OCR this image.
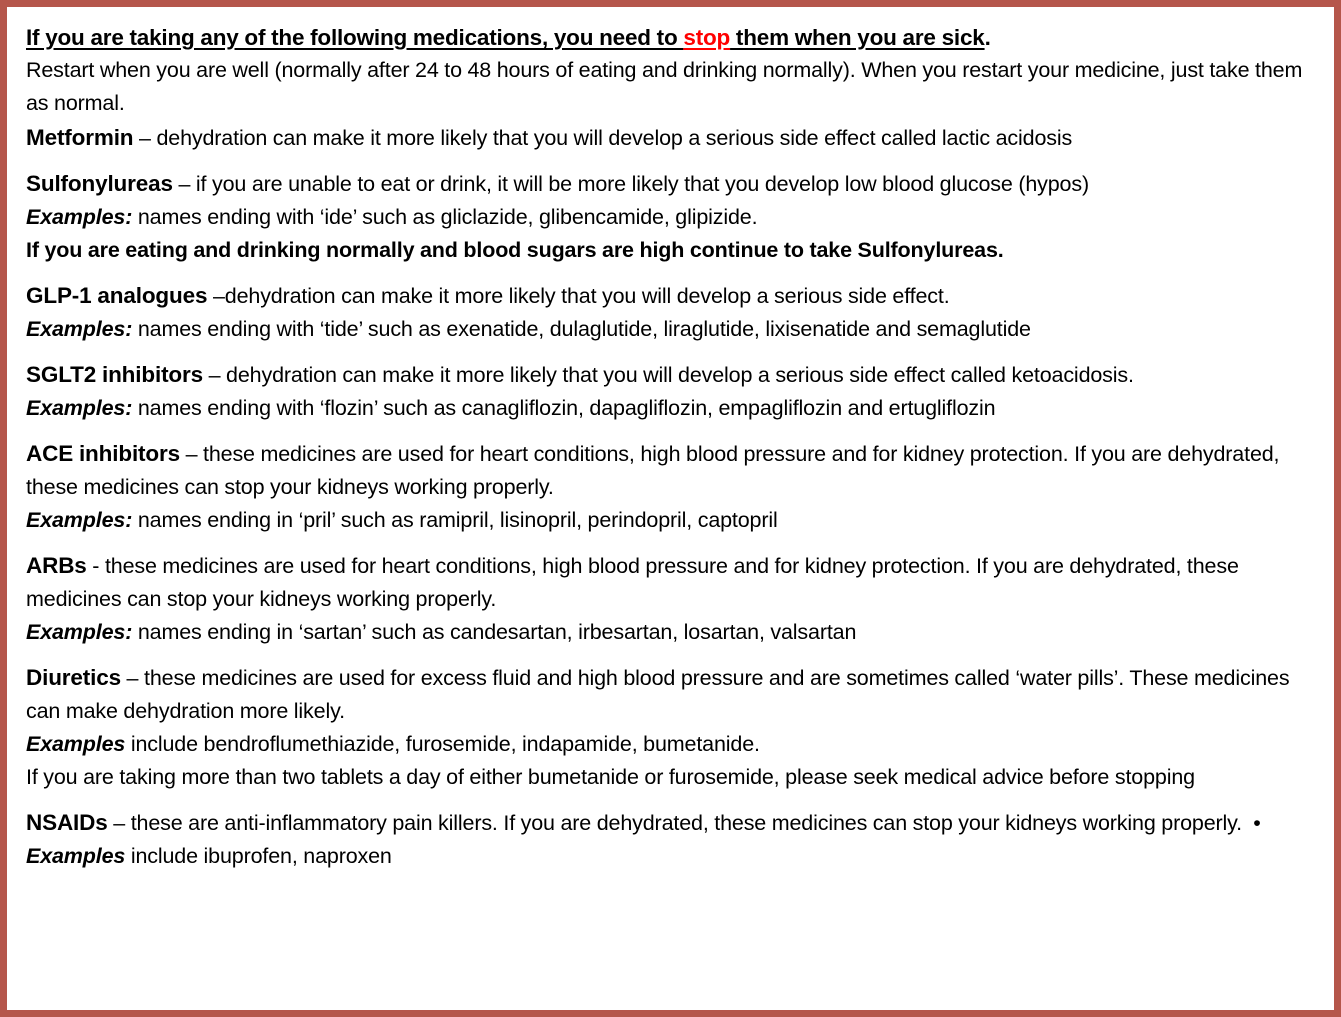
If you are taking any of the following medications, you need to stop them when you are sick.

Restart when you are well (normally after 24 to 48 hours of eating and drinking normally). When you restart your medicine, just take them as normal.

Metformin – dehydration can make it more likely that you will develop a serious side effect called lactic acidosis

Sulfonylureas – if you are unable to eat or drink, it will be more likely that you develop low blood glucose (hypos)

Examples: names ending with ‘ide’ such as gliclazide, glibencamide, glipizide.

If you are eating and drinking normally and blood sugars are high continue to take Sulfonylureas.

GLP-1 analogues –dehydration can make it more likely that you will develop a serious side effect.

Examples: names ending with ‘tide’ such as exenatide, dulaglutide, liraglutide, lixisenatide and semaglutide

SGLT2 inhibitors – dehydration can make it more likely that you will develop a serious side effect called ketoacidosis.

Examples: names ending with ‘flozin’ such as canagliflozin, dapagliflozin, empagliflozin and ertugliflozin

ACE inhibitors – these medicines are used for heart conditions, high blood pressure and for kidney protection. If you are dehydrated, these medicines can stop your kidneys working properly.

Examples: names ending in ‘pril’ such as ramipril, lisinopril, perindopril, captopril

ARBs - these medicines are used for heart conditions, high blood pressure and for kidney protection. If you are dehydrated, these medicines can stop your kidneys working properly.

Examples: names ending in ‘sartan’ such as candesartan, irbesartan, losartan, valsartan

Diuretics – these medicines are used for excess fluid and high blood pressure and are sometimes called ‘water pills’. These medicines can make dehydration more likely.

Examples include bendroflumethiazide, furosemide, indapamide, bumetanide.

If you are taking more than two tablets a day of either bumetanide or furosemide, please seek medical advice before stopping

NSAIDs – these are anti-inflammatory pain killers. If you are dehydrated, these medicines can stop your kidneys working properly. • Examples include ibuprofen, naproxen
